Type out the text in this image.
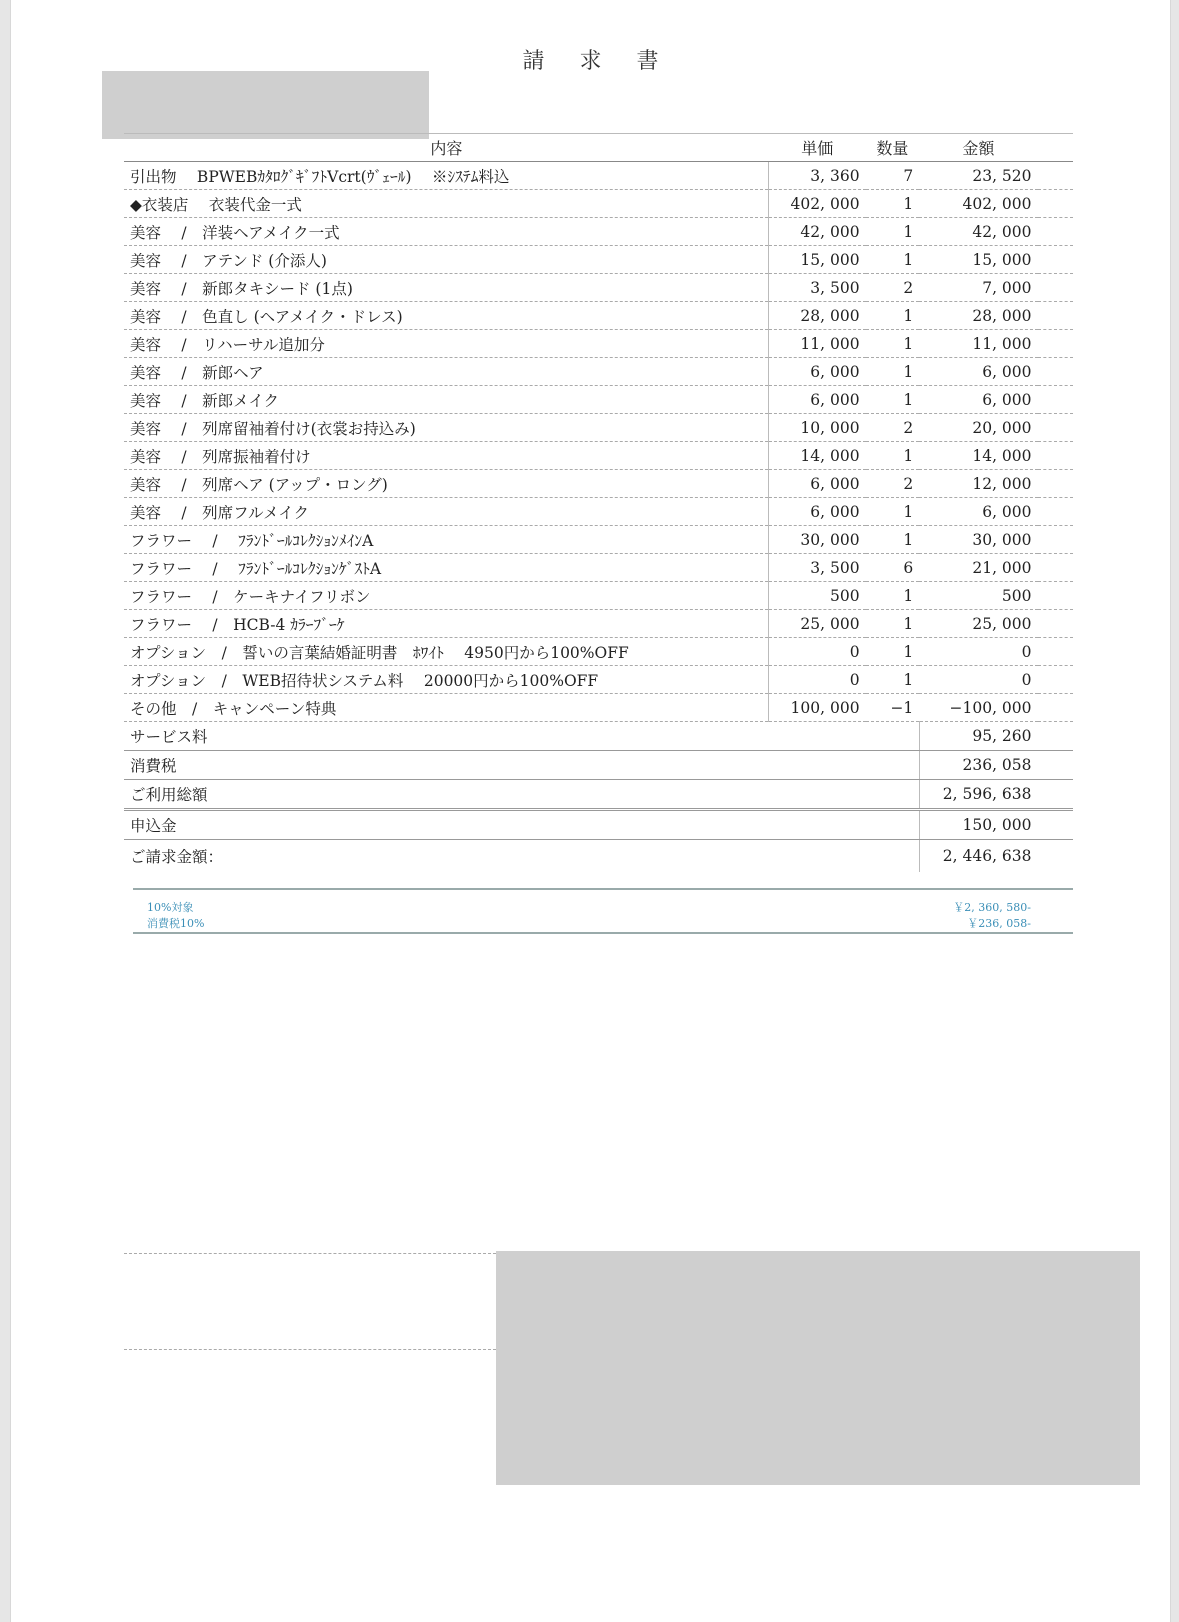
請 求 書
内容	単価	数量	金額	
引出物　 BPWEBｶﾀﾛｸﾞｷﾞﾌﾄVcrt(ｳﾞｪｰﾙ)　 ※ｼｽﾃﾑ料込	3, 360	7	23, 520	
◆衣装店　 衣装代金一式	402, 000	1	402, 000	
美容　 /　洋装ヘアメイク一式	42, 000	1	42, 000	
美容　 /　アテンド (介添人)	15, 000	1	15, 000	
美容　 /　新郎タキシード (1点)	3, 500	2	7, 000	
美容　 /　色直し (ヘアメイク・ドレス)	28, 000	1	28, 000	
美容　 /　リハーサル追加分	11, 000	1	11, 000	
美容　 /　新郎ヘア	6, 000	1	6, 000	
美容　 /　新郎メイク	6, 000	1	6, 000	
美容　 /　列席留袖着付け(衣裳お持込み)	10, 000	2	20, 000	
美容　 /　列席振袖着付け	14, 000	1	14, 000	
美容　 /　列席ヘア (アップ・ロング)	6, 000	2	12, 000	
美容　 /　列席フルメイク	6, 000	1	6, 000	
フラワー　 /　 ﾌﾗﾝﾄﾞｰﾙｺﾚｸｼｮﾝﾒｲﾝA	30, 000	1	30, 000	
フラワー　 /　 ﾌﾗﾝﾄﾞｰﾙｺﾚｸｼｮﾝｹﾞｽﾄA	3, 500	6	21, 000	
フラワー　 /　ケーキナイフリボン	500	1	500	
フラワー　 /　HCB-4 ｶﾗｰﾌﾞｰｹ	25, 000	1	25, 000	
オプション　/　誓いの言葉結婚証明書　ﾎﾜｲﾄ　 4950円から100%OFF	0	1	0	
オプション　/　WEB招待状システム料　 20000円から100%OFF	0	1	0	
その他　/　キャンペーン特典	100, 000	−1	−100, 000	
サービス料			95, 260	
消費税			236, 058	
ご利用総額			2, 596, 638	
申込金			150, 000	
ご請求金額：			2, 446, 638	
10%対象	￥2, 360, 580-
消費税10%	￥236, 058-
